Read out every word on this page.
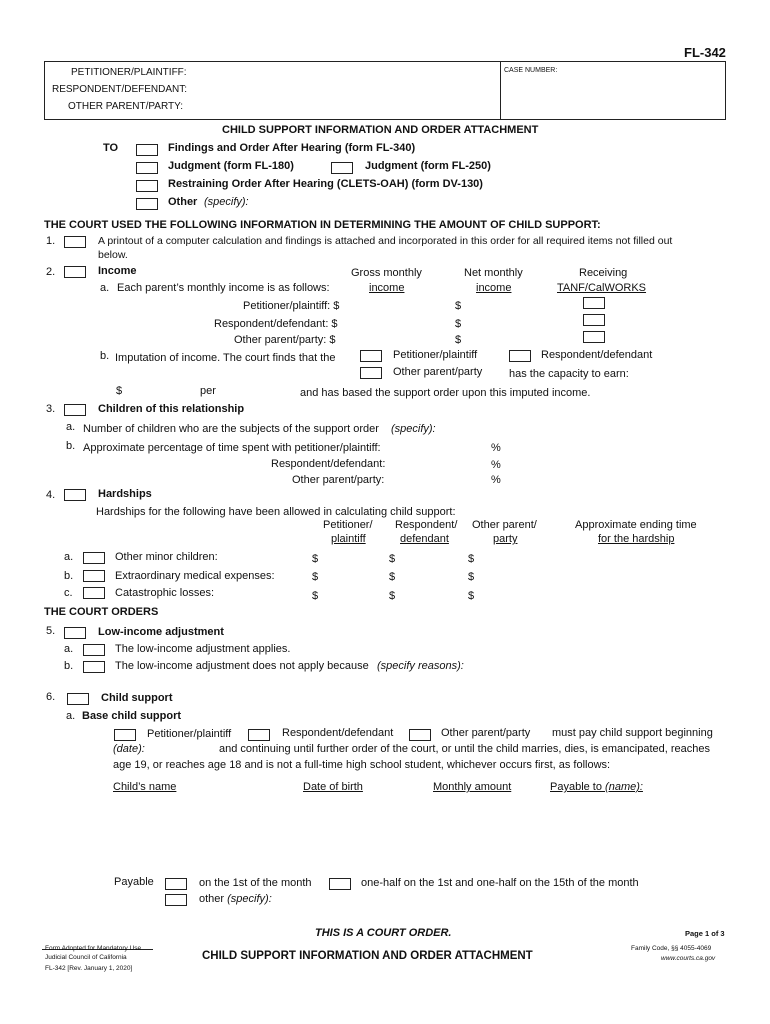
FL-342
PETITIONER/PLAINTIFF:
RESPONDENT/DEFENDANT:
OTHER PARENT/PARTY:
CASE NUMBER:
CHILD SUPPORT INFORMATION AND ORDER ATTACHMENT
TO	Findings and Order After Hearing (form FL-340)
Judgment (form FL-180)	Judgment (form FL-250)
Restraining Order After Hearing (CLETS-OAH) (form DV-130)
Other (specify):
THE COURT USED THE FOLLOWING INFORMATION IN DETERMINING THE AMOUNT OF CHILD SUPPORT:
1.	A printout of a computer calculation and findings is attached and incorporated in this order for all required items not filled out
below.
2.	Income	Gross monthly
income
Net monthly
income
Receiving
TANF/CalWORKS
a. Each parent’s monthly income is as follows:
Petitioner/plaintiff: $	$
Respondent/defendant: $	$
Other parent/party: $	$
b. Imputation of income. The court finds that the	Petitioner/plaintiff	Respondent/defendant
Other parent/party has the capacity to earn:
$	per	and has based the support order upon this imputed income.
3.	Children of this relationship
a. Number of children who are the subjects of the support order (specify):
b. Approximate percentage of time spent with petitioner/plaintiff:	%
Respondent/defendant:	%
Other parent/party:	%
4.	Hardships
Hardships for the following have been allowed in calculating child support:
Petitioner/
plaintiff
Respondent/
defendant
Other parent/
party
Approximate ending time
for the hardship
a.	Other minor children:	$	$	$
b.	Extraordinary medical expenses:	$	$	$
c.	Catastrophic losses:	$	$	$
THE COURT ORDERS
5.	Low-income adjustment
a.	The low-income adjustment applies.
b.	The low-income adjustment does not apply because (specify reasons):
6.	Child support
a. Base child support
Petitioner/plaintiff	Respondent/defendant	Other parent/party must pay child support beginning
(date):	and continuing until further order of the court, or until the child marries, dies, is emancipated, reaches
age 19, or reaches age 18 and is not a full-time high school student, whichever occurs first, as follows:
Child’s name	Date of birth	Monthly amount	Payable to (name):
Payable	on the 1st of the month	one-half on the 1st and one-half on the 15th of the month
other (specify):
THIS IS A COURT ORDER.	Page 1 of 3
Form Adopted for Mandatory Use
Judicial Council of California
FL-342 [Rev. January 1, 2020]
CHILD SUPPORT INFORMATION AND ORDER ATTACHMENT
Family Code, §§ 4055-4069
www.courts.ca.gov
